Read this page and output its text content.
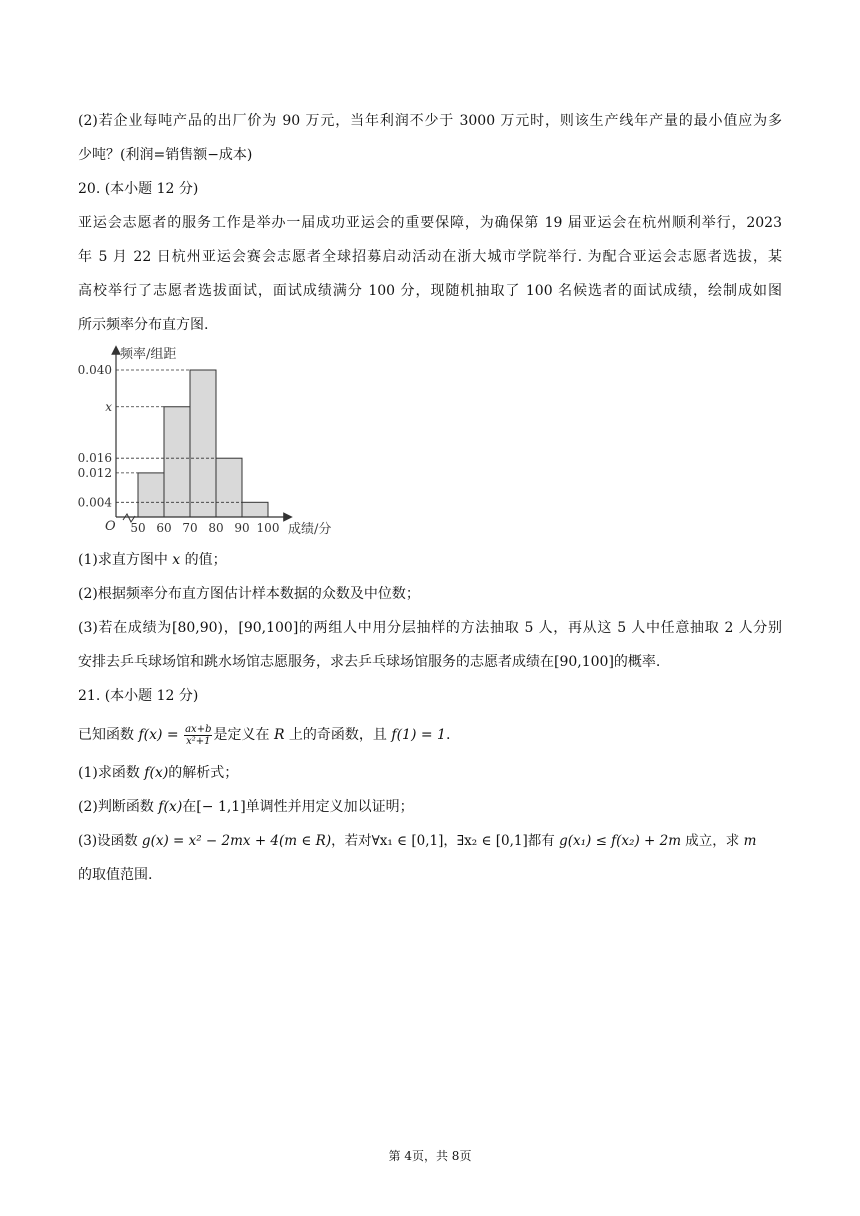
(2)若企业每吨产品的出厂价为 90 万元，当年利润不少于 3000 万元时，则该生产线年产量的最小值应为多
少吨？(利润=销售额−成本)
20. (本小题 12 分)
亚运会志愿者的服务工作是举办一届成功亚运会的重要保障，为确保第 19 届亚运会在杭州顺利举行，2023
年 5 月 22 日杭州亚运会赛会志愿者全球招募启动活动在浙大城市学院举行. 为配合亚运会志愿者选拔，某
高校举行了志愿者选拔面试，面试成绩满分 100 分，现随机抽取了 100 名候选者的面试成绩，绘制成如图
所示频率分布直方图.
0.004
0.012
0.016
x
0.040
50 60 70 80 90 100
频率/组距
成绩/分
O
(1)求直方图中 x 的值；
(2)根据频率分布直方图估计样本数据的众数及中位数；
(3)若在成绩为[80,90)，[90,100]的两组人中用分层抽样的方法抽取 5 人，再从这 5 人中任意抽取 2 人分别
安排去乒乓球场馆和跳水场馆志愿服务，求去乒乓球场馆服务的志愿者成绩在[90,100]的概率.
21. (本小题 12 分)
已知函数 $f(x) = \frac{ax+b}{\text{x²+1}}$ 是定义在 R 上的奇函数，且 f(1) = 1.
(1)求函数 f(x)的解析式；
(2)判断函数 f(x)在[− 1,1]单调性并用定义加以证明；
(3)设函数 g(x) = x² − 2mx + 4(m ∈ R)，若对∀x₁ ∈ [0,1]，∃x₂ ∈ [0,1]都有 g(x₁) ≤ f(x₂) + 2m 成立，求 m
的取值范围.
第 4页，共 8页
